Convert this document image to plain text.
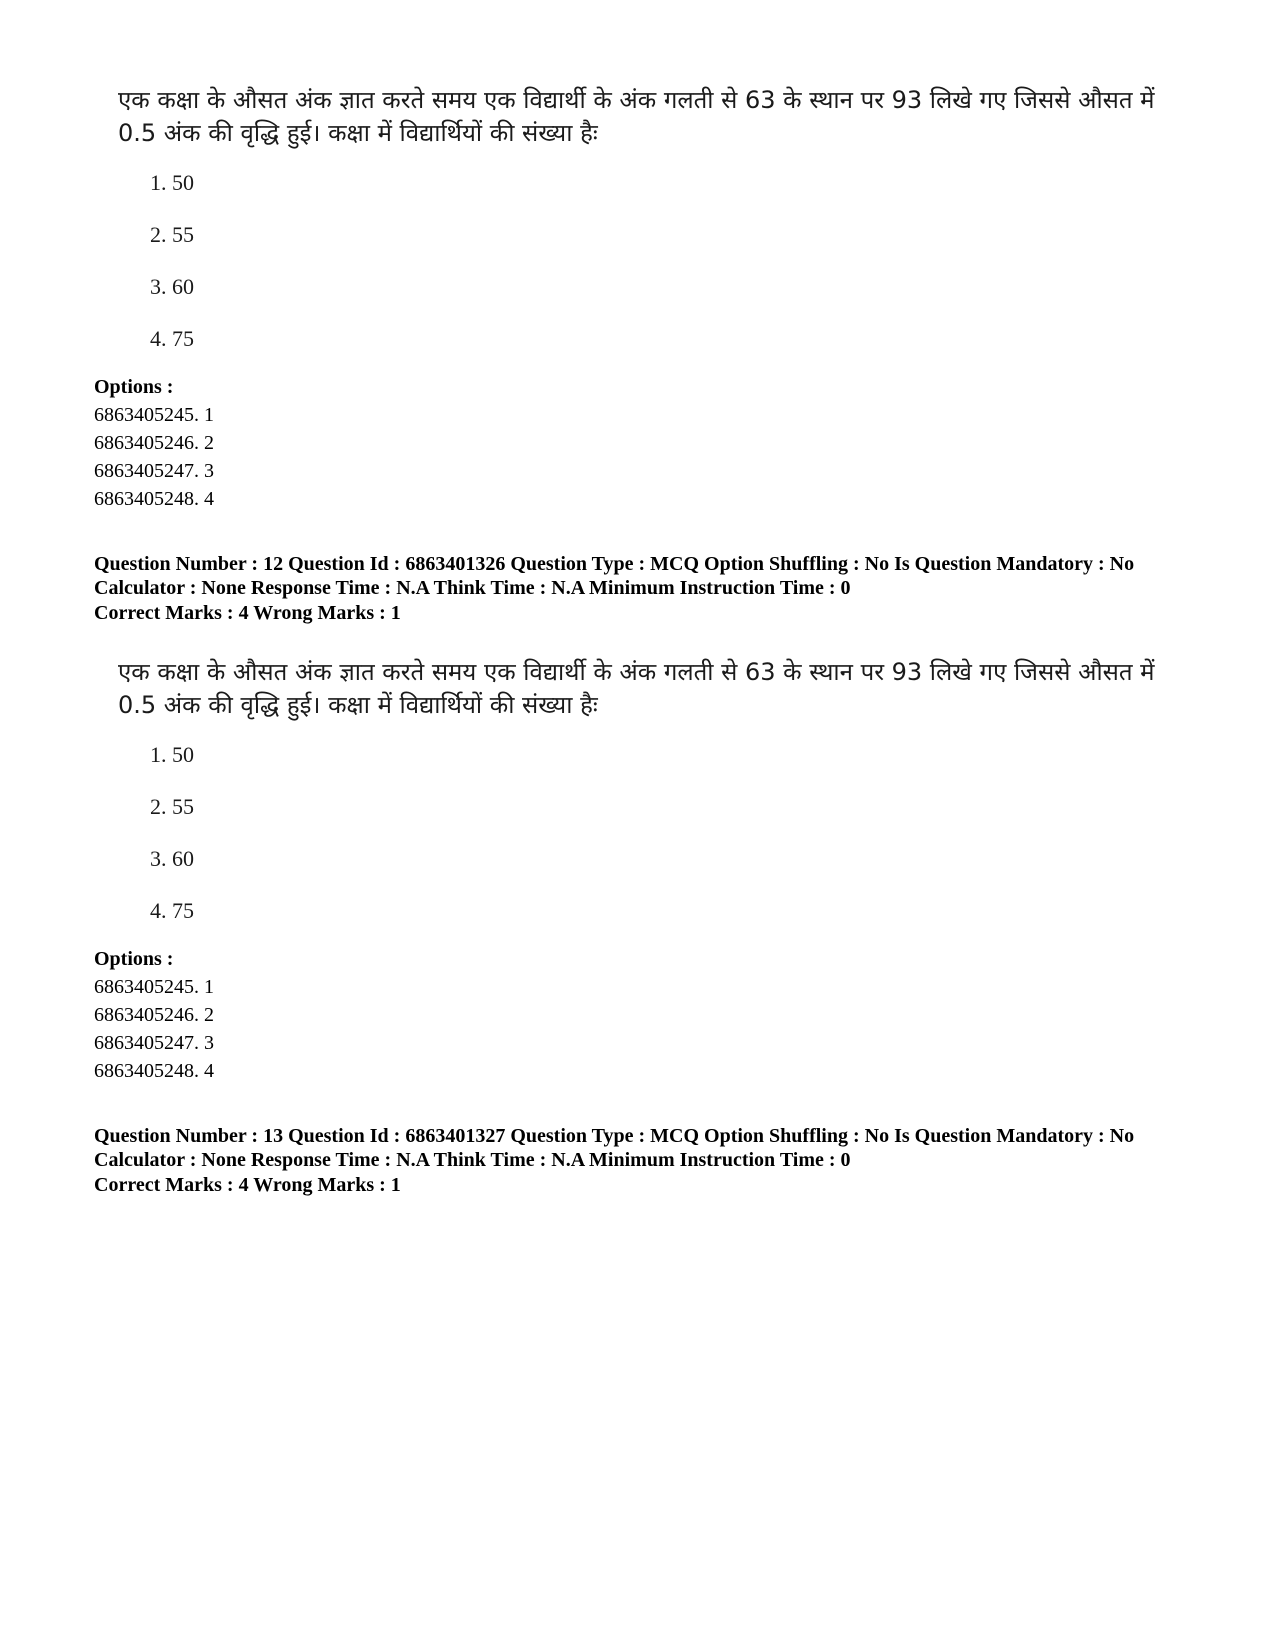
एक कक्षा के औसत अंक ज्ञात करते समय एक विद्यार्थी के अंक गलती से 63 के स्थान पर 93 लिखे गए जिससे औसत में 0.5 अंक की वृद्धि हुई। कक्षा में विद्यार्थियों की संख्या हैः
1. 50
2. 55
3. 60
4. 75
Options :
6863405245. 1
6863405246. 2
6863405247. 3
6863405248. 4
Question Number : 12 Question Id : 6863401326 Question Type : MCQ Option Shuffling : No Is Question Mandatory : No Calculator : None Response Time : N.A Think Time : N.A Minimum Instruction Time : 0
Correct Marks : 4 Wrong Marks : 1
एक कक्षा के औसत अंक ज्ञात करते समय एक विद्यार्थी के अंक गलती से 63 के स्थान पर 93 लिखे गए जिससे औसत में 0.5 अंक की वृद्धि हुई। कक्षा में विद्यार्थियों की संख्या हैः
1. 50
2. 55
3. 60
4. 75
Options :
6863405245. 1
6863405246. 2
6863405247. 3
6863405248. 4
Question Number : 13 Question Id : 6863401327 Question Type : MCQ Option Shuffling : No Is Question Mandatory : No Calculator : None Response Time : N.A Think Time : N.A Minimum Instruction Time : 0
Correct Marks : 4 Wrong Marks : 1
